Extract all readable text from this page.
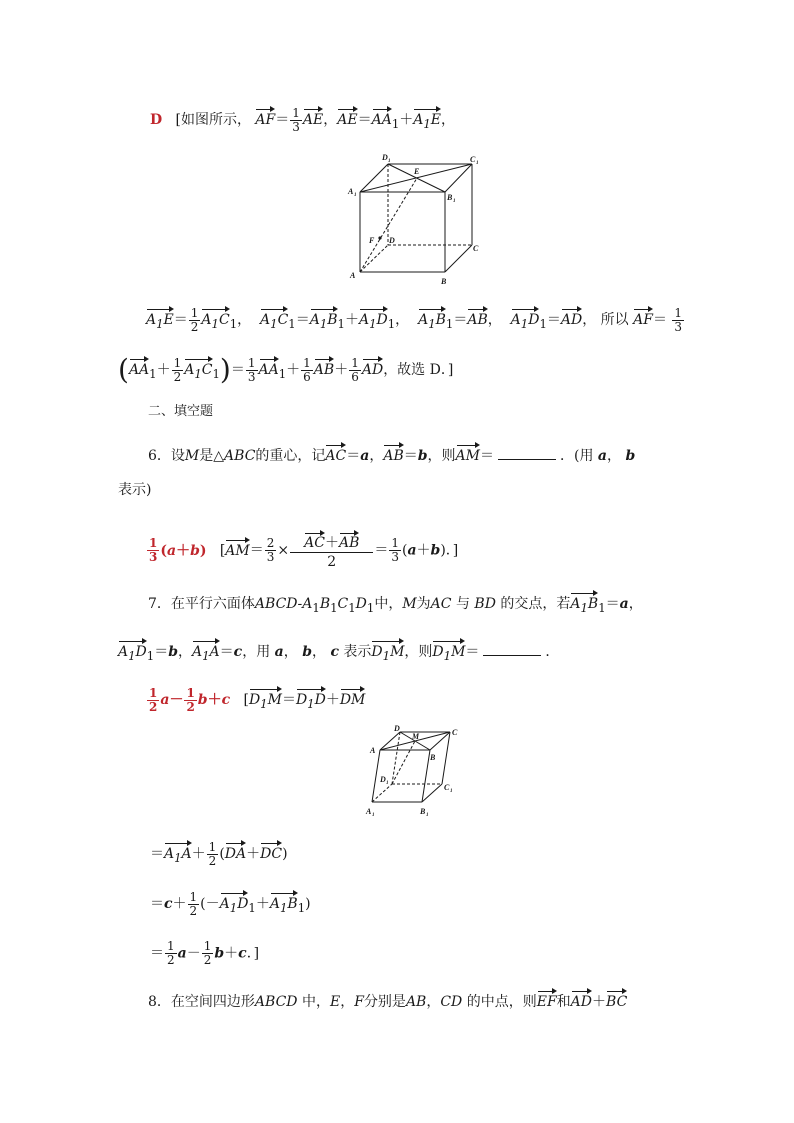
D [如图所示， $AF= \frac{1}{3}$ AE，$AE=AA_1+A_1E$，
D 1	C 1
A 1
E
B 1
F D
C
A
B
$A_1E= \frac{1}{2} A_1C_1$，  $A_1C_1=A_1B_1+A_1D_1$，  $A_1B_1=AB$，  $A_1D_1=AD$， 所以 $AF= \frac{1}{3}$
$(AA_1+ \frac{1}{2} A_1C_1)= \frac{1}{3} AA_1+ \frac{1}{6} AB+ \frac{1}{6}$ AD，故选 D．]
二、填空题
6．设M是△ABC的重心，记AC＝a，AB＝b，则AM＝	．(用 a， b
表示)
$\frac{1}{3} (a+b)$   [$AM= \frac{2}{3} \times \frac{AC+AB}{2} = \frac{1}{3} (a+b)$．]
7．在平行六面体ABCD-$A_1B_1C_1D_1$中，M为AC 与 BD 的交点，若$A_1B_1=a$，
$A_1D_1=b$，$A_1A=c$，用 a， b， c 表示$D_1M$，则$D_1M=$	．
$\frac{1}{2} a- \frac{1}{2} b+c$   [$D_1M=D_1D+DM$
D
M	C
A
B
D 1	C 1
A 1	B 1
$=A_1A+ \frac{1}{2} (DA+DC)$
$=c+ \frac{1}{2} (-A_1D_1+A_1B_1)$
＝ $\frac{1}{2} a- \frac{1}{2} b+c$．]
8．在空间四边形ABCD 中，E，F分别是AB，CD 的中点，则EF和AD＋BC
